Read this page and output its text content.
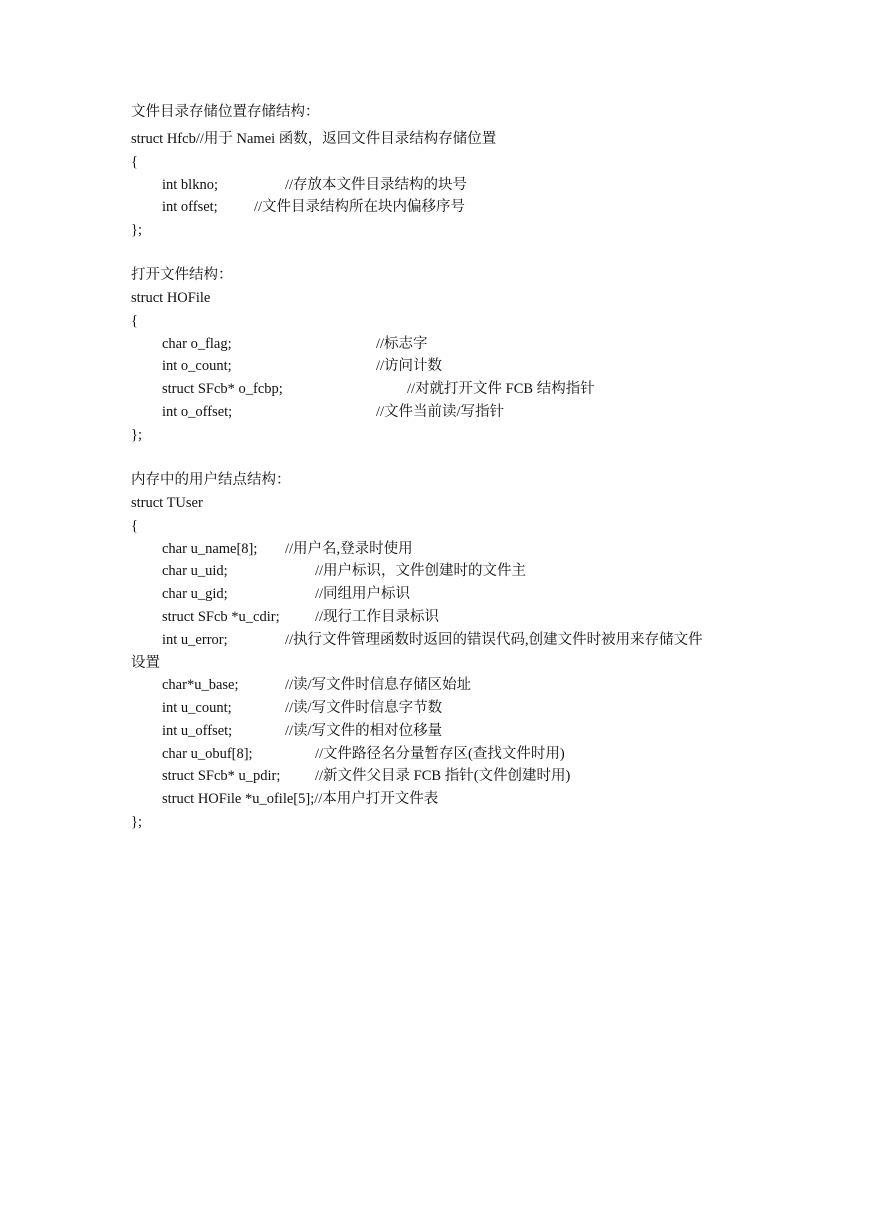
文件目录存储位置存储结构：
struct Hfcb//用于 Namei 函数，返回文件目录结构存储位置
{
int blkno;	//存放本文件目录结构的块号
int offset;	//文件目录结构所在块内偏移序号
};
打开文件结构：
struct HOFile
{
char o_flag;	//标志字
int o_count;	//访问计数
struct SFcb* o_fcbp;	//对就打开文件 FCB 结构指针
int o_offset;	//文件当前读/写指针
};
内存中的用户结点结构：
struct TUser
{
char u_name[8]; //用户名,登录时使用
char u_uid;	//用户标识，文件创建时的文件主
char u_gid;	//同组用户标识
struct SFcb *u_cdir; //现行工作目录标识
int u_error;	//执行文件管理函数时返回的错误代码,创建文件时被用来存储文件
设置
char*u_base;	//读/写文件时信息存储区始址
int u_count;	//读/写文件时信息字节数
int u_offset;	//读/写文件的相对位移量
char u_obuf[8];	//文件路径名分量暂存区(查找文件时用)
struct SFcb* u_pdir; //新文件父目录 FCB 指针(文件创建时用)
struct HOFile *u_ofile[5];//本用户打开文件表
};
